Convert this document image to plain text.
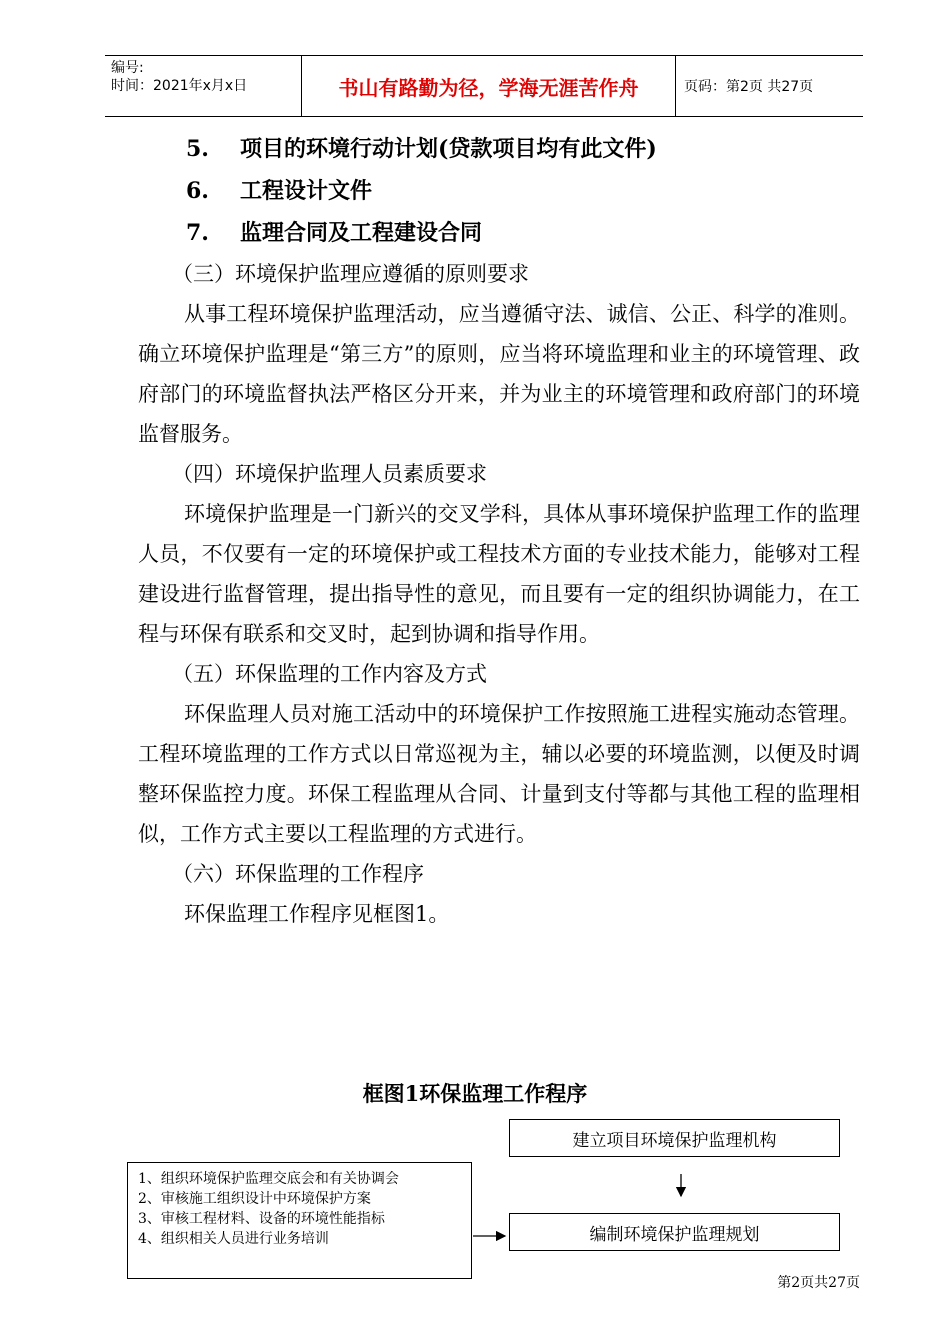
编号:
时间：2021年x月x日	书山有路勤为径，学海无涯苦作舟	页码：第2页 共27页
5. 项目的环境行动计划(贷款项目均有此文件)
6. 工程设计文件
7. 监理合同及工程建设合同
（三）环境保护监理应遵循的原则要求

从事工程环境保护监理活动，应当遵循守法、诚信、公正、科学的准则。确立环境保护监理是“第三方”的原则，应当将环境监理和业主的环境管理、政府部门的环境监督执法严格区分开来，并为业主的环境管理和政府部门的环境监督服务。

（四）环境保护监理人员素质要求

环境保护监理是一门新兴的交叉学科，具体从事环境保护监理工作的监理人员，不仅要有一定的环境保护或工程技术方面的专业技术能力，能够对工程建设进行监督管理，提出指导性的意见，而且要有一定的组织协调能力，在工程与环保有联系和交叉时，起到协调和指导作用。

（五）环保监理的工作内容及方式

环保监理人员对施工活动中的环境保护工作按照施工进程实施动态管理。工程环境监理的工作方式以日常巡视为主，辅以必要的环境监测，以便及时调整环保监控力度。环保工程监理从合同、计量到支付等都与其他工程的监理相似，工作方式主要以工程监理的方式进行。

（六）环保监理的工作程序

环保监理工作程序见框图1。

框图1环保监理工作程序
建立项目环境保护监理机构
编制环境保护监理规划
1、组织环境保护监理交底会和有关协调会
2、审核施工组织设计中环境保护方案
3、审核工程材料、设备的环境性能指标
4、组织相关人员进行业务培训
第2页共27页
